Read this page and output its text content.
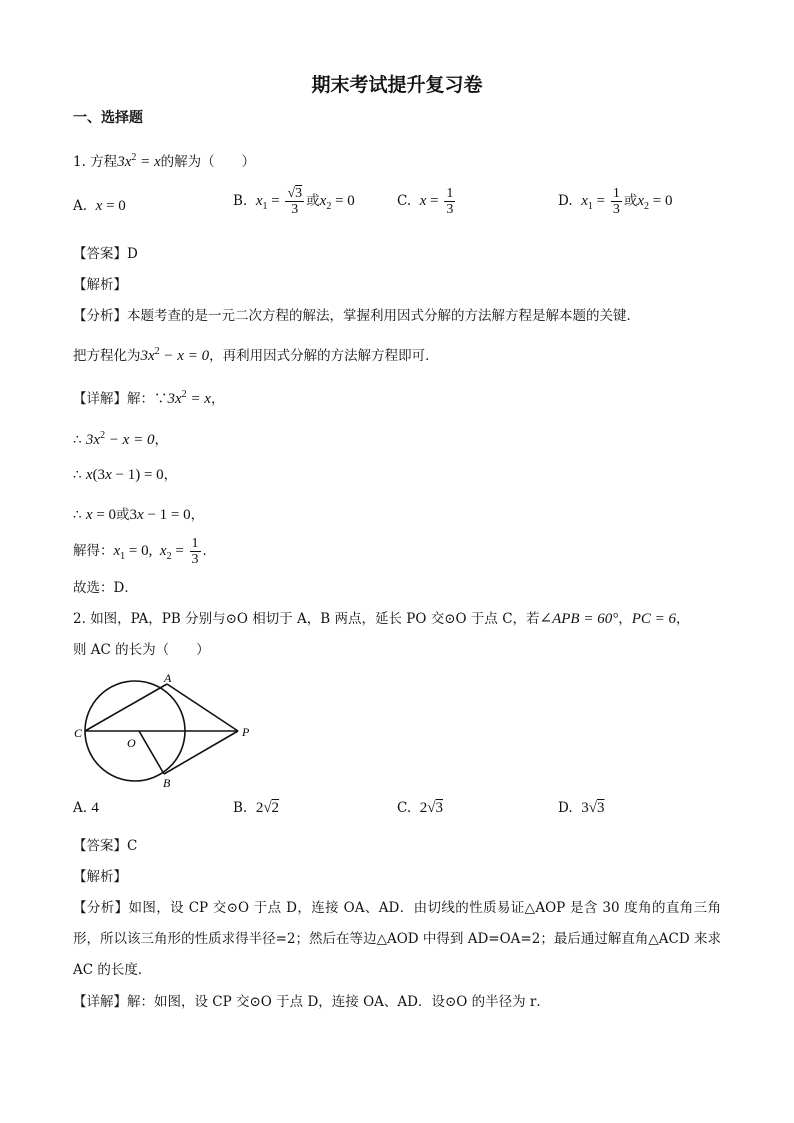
期末考试提升复习卷
一、选择题
1. 方程$3x^2 = x$的解为（　　）
A. x = 0	B. $x_1 = \frac{√3}{3}$ 或$x_2 = 0$	C. $x = \frac{1}{3}$	D. $x_1 = \frac{1}{3}$ 或$x_2 = 0$
【答案】D
【解析】
【分析】本题考查的是一元二次方程的解法，掌握利用因式分解的方法解方程是解本题的关键．
把方程化为$3x^2 - x = 0$，再利用因式分解的方法解方程即可．
【详解】解：$\because 3x^2 = x$，
∴ $3x^2 - x = 0$，
∴ x(3x − 1) = 0，
∴ x = 0或3x − 1 = 0，
解得：$x_1 = 0$,  $x_2 = \frac{1}{3}$ ．
故选：D．
2. 如图，PA，PB 分别与⊙O 相切于 A，B 两点，延长 PO 交⊙O 于点 C，若∠APB = 60°，PC = 6，
则 AC 的长为（　　）
A
C
O
P
B
A. 4	B. 2√2	C. 2√3	D. 3√3
【答案】C
【解析】
【分析】如图，设 CP 交⊙O 于点 D，连接 OA、AD．由切线的性质易证△AOP 是含 30 度角的直角三角形，所以该三角形的性质求得半径=2；然后在等边△AOD 中得到 AD=OA=2；最后通过解直角△ACD 来求 AC 的长度．
【详解】解：如图，设 CP 交⊙O 于点 D，连接 OA、AD．设⊙O 的半径为 r．
